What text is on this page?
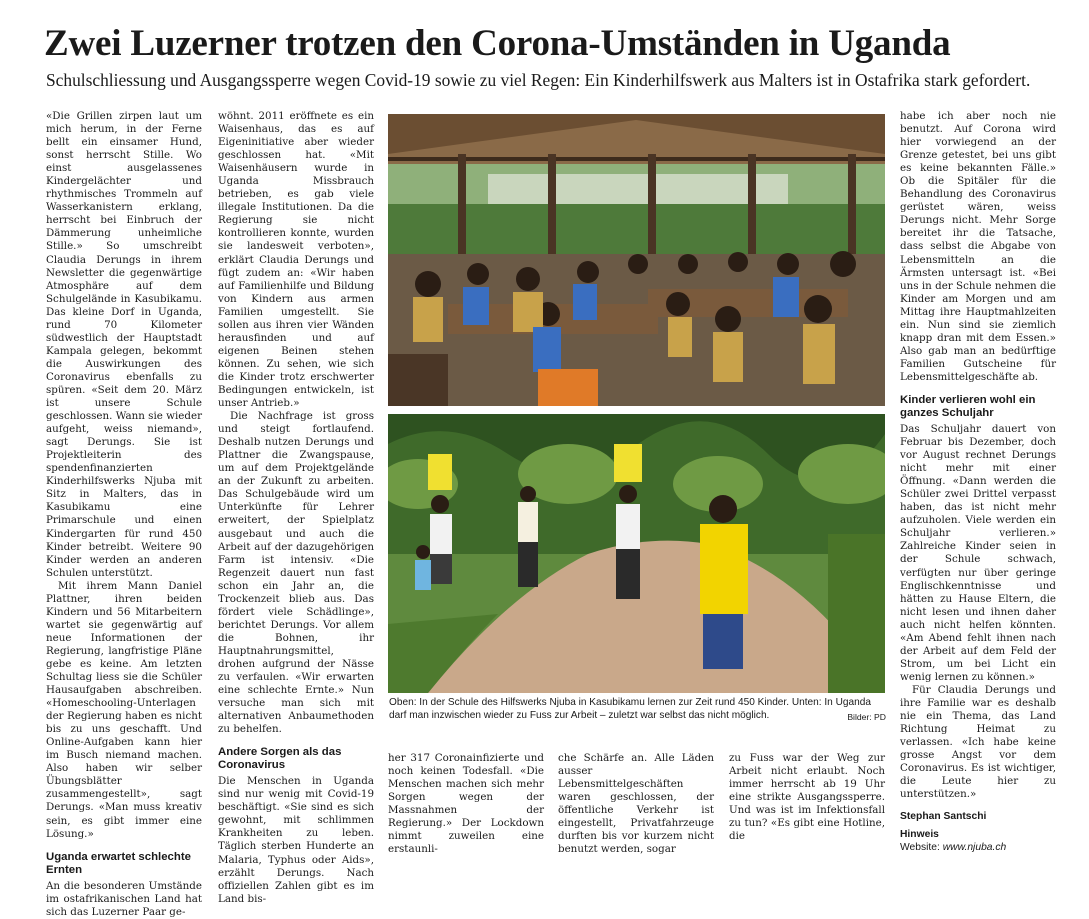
Zwei Luzerner trotzen den Corona-Umständen in Uganda

Schulschliessung und Ausgangssperre wegen Covid-19 sowie zu viel Regen: Ein Kinderhilfswerk aus Malters ist in Ostafrika stark gefordert.

«Die Grillen zirpen laut um mich herum, in der Ferne bellt ein einsamer Hund, sonst herrscht Stille. Wo einst ausgelassenes Kindergelächter und rhythmisches Trommeln auf Wasserkanistern erklang, herrscht bei Einbruch der Dämmerung unheimliche Stille.» So umschreibt Claudia Derungs in ihrem Newsletter die gegenwärtige Atmosphäre auf dem Schulgelände in Kasubikamu. Das kleine Dorf in Uganda, rund 70 Kilometer südwestlich der Hauptstadt Kampala gelegen, bekommt die Auswirkungen des Coronavirus ebenfalls zu spüren. «Seit dem 20. März ist unsere Schule geschlossen. Wann sie wieder aufgeht, weiss niemand», sagt Derungs. Sie ist Projektleiterin des spendenfinanzierten Kinderhilfswerks Njuba mit Sitz in Malters, das in Kasubikamu eine Primarschule und einen Kindergarten für rund 450 Kinder betreibt. Weitere 90 Kinder werden an anderen Schulen unterstützt.

Mit ihrem Mann Daniel Plattner, ihren beiden Kindern und 56 Mitarbeitern wartet sie gegenwärtig auf neue Informationen der Regierung, langfristige Pläne gebe es keine. Am letzten Schultag liess sie die Schüler Hausaufgaben abschreiben. «Homeschooling-Unterlagen der Regierung haben es nicht bis zu uns geschafft. Und Online-Aufgaben kann hier im Busch niemand machen. Also haben wir selber Übungsblätter zusammengestellt», sagt Derungs. «Man muss kreativ sein, es gibt immer eine Lösung.»

Uganda erwartet schlechte Ernten

An die besonderen Umstände im ostafrikanischen Land hat sich das Luzerner Paar ge-

wöhnt. 2011 eröffnete es ein Waisenhaus, das es auf Eigeninitiative aber wieder geschlossen hat. «Mit Waisenhäusern wurde in Uganda Missbrauch betrieben, es gab viele illegale Institutionen. Da die Regierung sie nicht kontrollieren konnte, wurden sie landesweit verboten», erklärt Claudia Derungs und fügt zudem an: «Wir haben auf Familienhilfe und Bildung von Kindern aus armen Familien umgestellt. Sie sollen aus ihren vier Wänden herausfinden und auf eigenen Beinen stehen können. Zu sehen, wie sich die Kinder trotz erschwerter Bedingungen entwickeln, ist unser Antrieb.»

Die Nachfrage ist gross und steigt fortlaufend. Deshalb nutzen Derungs und Plattner die Zwangspause, um auf dem Projektgelände an der Zukunft zu arbeiten. Das Schulgebäude wird um Unterkünfte für Lehrer erweitert, der Spielplatz ausgebaut und auch die Arbeit auf der dazugehörigen Farm ist intensiv. «Die Regenzeit dauert nun fast schon ein Jahr an, die Trockenzeit blieb aus. Das fördert viele Schädlinge», berichtet Derungs. Vor allem die Bohnen, ihr Hauptnahrungsmittel, drohen aufgrund der Nässe zu verfaulen. «Wir erwarten eine schlechte Ernte.» Nun versuche man sich mit alternativen Anbaumethoden zu behelfen.

Andere Sorgen als das Coronavirus

Die Menschen in Uganda sind nur wenig mit Covid-19 beschäftigt. «Sie sind es sich gewohnt, mit schlimmen Krankheiten zu leben. Täglich sterben Hunderte an Malaria, Typhus oder Aids», erzählt Derungs. Nach offiziellen Zahlen gibt es im Land bis-

Oben: In der Schule des Hilfswerks Njuba in Kasubikamu lernen zur Zeit rund 450 Kinder. Unten: In Uganda darf man inzwischen wieder zu Fuss zur Arbeit – zuletzt war selbst das nicht möglich.	Bilder: PD

her 317 Coronainfizierte und noch keinen Todesfall. «Die Menschen machen sich mehr Sorgen wegen der Massnahmen der Regierung.» Der Lockdown nimmt zuweilen eine erstaunli-

che Schärfe an. Alle Läden ausser Lebensmittelgeschäften waren geschlossen, der öffentliche Verkehr ist eingestellt, Privatfahrzeuge durften bis vor kurzem nicht benutzt werden, sogar

zu Fuss war der Weg zur Arbeit nicht erlaubt. Noch immer herrscht ab 19 Uhr eine strikte Ausgangssperre. Und was ist im Infektionsfall zu tun? «Es gibt eine Hotline, die

habe ich aber noch nie benutzt. Auf Corona wird hier vorwiegend an der Grenze getestet, bei uns gibt es keine bekannten Fälle.» Ob die Spitäler für die Behandlung des Coronavirus gerüstet wären, weiss Derungs nicht. Mehr Sorge bereitet ihr die Tatsache, dass selbst die Abgabe von Lebensmitteln an die Ärmsten untersagt ist. «Bei uns in der Schule nehmen die Kinder am Morgen und am Mittag ihre Hauptmahlzeiten ein. Nun sind sie ziemlich knapp dran mit dem Essen.» Also gab man an bedürftige Familien Gutscheine für Lebensmittelgeschäfte ab.

Kinder verlieren wohl ein ganzes Schuljahr

Das Schuljahr dauert von Februar bis Dezember, doch vor August rechnet Derungs nicht mehr mit einer Öffnung. «Dann werden die Schüler zwei Drittel verpasst haben, das ist nicht mehr aufzuholen. Viele werden ein Schuljahr verlieren.» Zahlreiche Kinder seien in der Schule schwach, verfügten nur über geringe Englischkenntnisse und hätten zu Hause Eltern, die nicht lesen und ihnen daher auch nicht helfen könnten. «Am Abend fehlt ihnen nach der Arbeit auf dem Feld der Strom, um bei Licht ein wenig lernen zu können.»

Für Claudia Derungs und ihre Familie war es deshalb nie ein Thema, das Land Richtung Heimat zu verlassen. «Ich habe keine grosse Angst vor dem Coronavirus. Es ist wichtiger, die Leute hier zu unterstützen.»

Stephan Santschi

Hinweis

Website: www.njuba.ch
